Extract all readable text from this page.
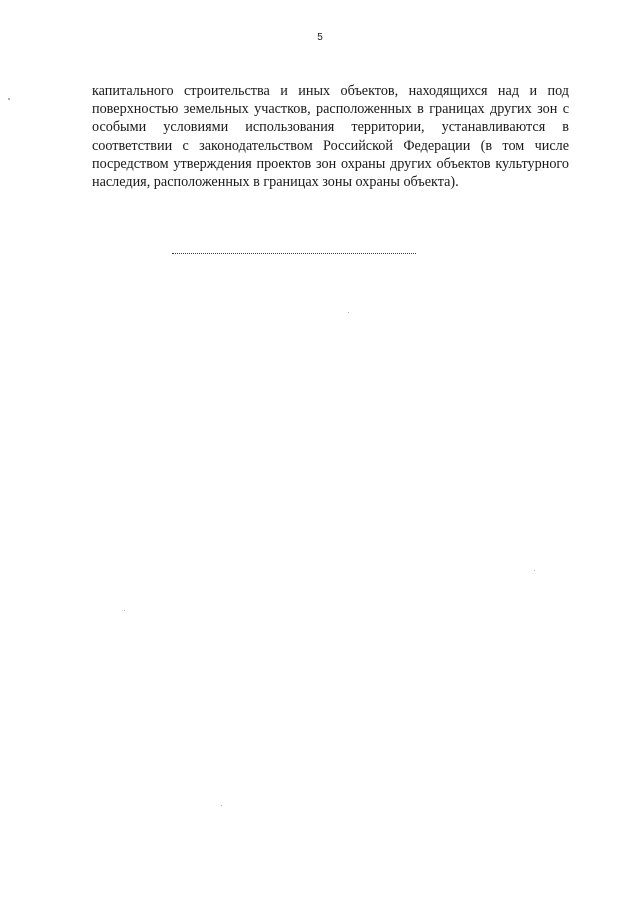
5

капитального строительства и иных объектов, находящихся над и под
поверхностью земельных участков, расположенных в границах других зон с
особыми условиями использования территории, устанавливаются в
соответствии с законодательством Российской Федерации (в том числе
посредством утверждения проектов зон охраны других объектов культурного
наследия, расположенных в границах зоны охраны объекта).
